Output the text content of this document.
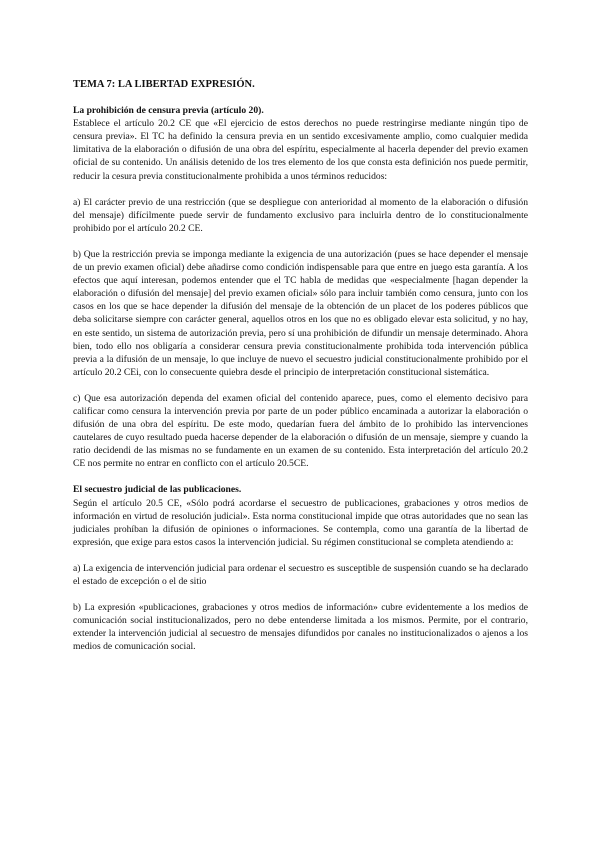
TEMA 7: LA LIBERTAD EXPRESIÓN.
La prohibición de censura previa (artículo 20).

Establece el artículo 20.2 CE que «El ejercicio de estos derechos no puede restringirse mediante ningún tipo de censura previa». El TC ha definido la censura previa en un sentido excesivamente amplio, como cualquier medida limitativa de la elaboración o difusión de una obra del espíritu, especialmente al hacerla depender del previo examen oficial de su contenido. Un análisis detenido de los tres elemento de los que consta esta definición nos puede permitir, reducir la cesura previa constitucionalmente prohibida a unos términos reducidos:

a) El carácter previo de una restricción (que se despliegue con anterioridad al momento de la elaboración o difusión del mensaje) difícilmente puede servir de fundamento exclusivo para incluirla dentro de lo constitucionalmente prohibido por el artículo 20.2 CE.

b) Que la restricción previa se imponga mediante la exigencia de una autorización (pues se hace depender el mensaje de un previo examen oficial) debe añadirse como condición indispensable para que entre en juego esta garantía. A los efectos que aquí interesan, podemos entender que el TC habla de medidas que «especialmente [hagan depender la elaboración o difusión del mensaje] del previo examen oficial» sólo para incluir también como censura, junto con los casos en los que se hace depender la difusión del mensaje de la obtención de un placet de los poderes públicos que deba solicitarse siempre con carácter general, aquellos otros en los que no es obligado elevar esta solicitud, y no hay, en este sentido, un sistema de autorización previa, pero sí una prohibición de difundir un mensaje determinado. Ahora bien, todo ello nos obligaría a considerar censura previa constitucionalmente prohibida toda intervención pública previa a la difusión de un mensaje, lo que incluye de nuevo el secuestro judicial constitucionalmente prohibido por el artículo 20.2 CEi, con lo consecuente quiebra desde el principio de interpretación constitucional sistemática.

c) Que esa autorización dependa del examen oficial del contenido aparece, pues, como el elemento decisivo para calificar como censura la intervención previa por parte de un poder público encaminada a autorizar la elaboración o difusión de una obra del espíritu. De este modo, quedarían fuera del ámbito de lo prohibido las intervenciones cautelares de cuyo resultado pueda hacerse depender de la elaboración o difusión de un mensaje, siempre y cuando la ratio decidendi de las mismas no se fundamente en un examen de su contenido. Esta interpretación del artículo 20.2 CE nos permite no entrar en conflicto con el artículo 20.5CE.

El secuestro judicial de las publicaciones.

Según el artículo 20.5 CE, «Sólo podrá acordarse el secuestro de publicaciones, grabaciones y otros medios de información en virtud de resolución judicial». Esta norma constitucional impide que otras autoridades que no sean las judiciales prohíban la difusión de opiniones o informaciones. Se contempla, como una garantía de la libertad de expresión, que exige para estos casos la intervención judicial. Su régimen constitucional se completa atendiendo a:

a) La exigencia de intervención judicial para ordenar el secuestro es susceptible de suspensión cuando se ha declarado el estado de excepción o el de sitio

b) La expresión «publicaciones, grabaciones y otros medios de información» cubre evidentemente a los medios de comunicación social institucionalizados, pero no debe entenderse limitada a los mismos. Permite, por el contrario, extender la intervención judicial al secuestro de mensajes difundidos por canales no institucionalizados o ajenos a los medios de comunicación social.
